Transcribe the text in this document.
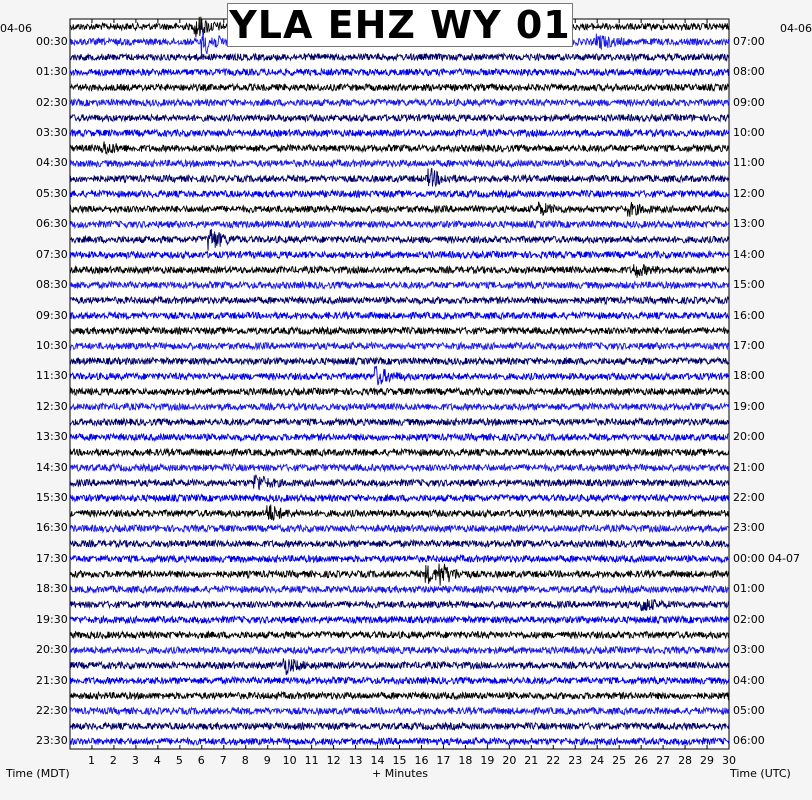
YLA EHZ WY 01
04-06	04-06
00:30
01:30
02:30
03:30
04:30
05:30
06:30
07:30
08:30
09:30
10:30
11:30
12:30
13:30
14:30
15:30
16:30
17:30
18:30
19:30
20:30
21:30
22:30
23:30
07:00
08:00
09:00
10:00
11:00
12:00
13:00
14:00
15:00
16:00
17:00
18:00
19:00
20:00
21:00
22:00
23:00
00:00 04-07
01:00
02:00
03:00
04:00
05:00
06:00
1 2 3 4 5 6 7 8 9 10 11 12 13 14 15 16 17 18 19 20 21 22 23 24 25 26 27 28 29 30
Time (MDT)	+ Minutes	Time (UTC)
